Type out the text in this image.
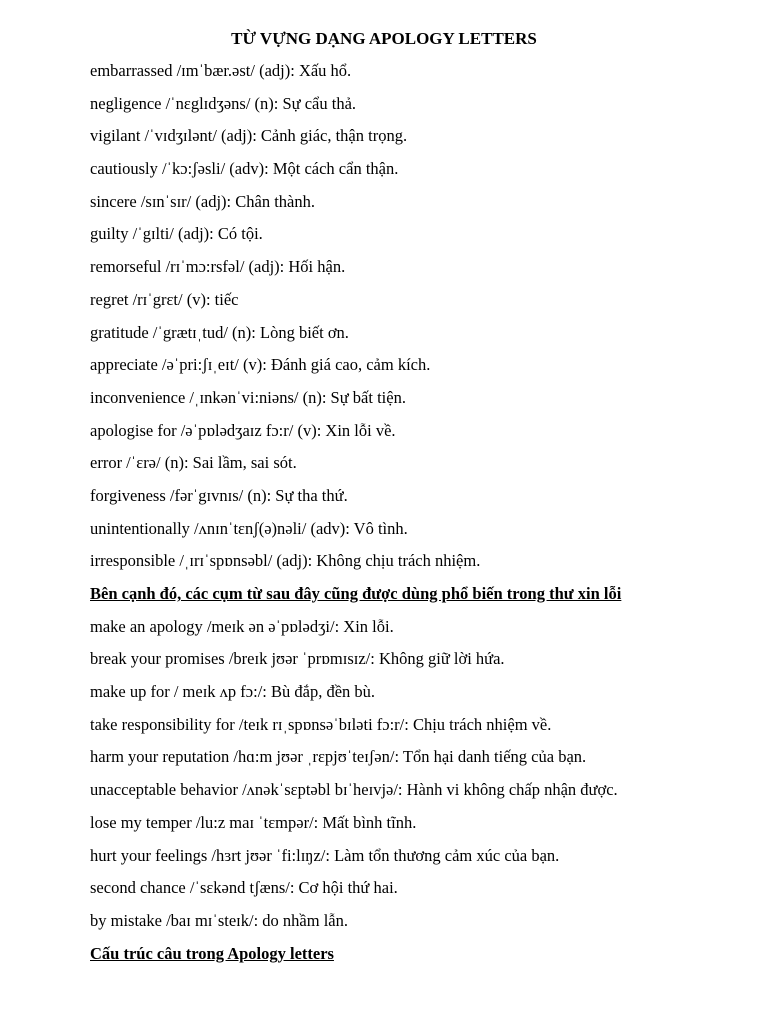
TỪ VỰNG DẠNG APOLOGY LETTERS
embarrassed /ɪmˈbær.əst/ (adj): Xấu hổ.
negligence /ˈnɛglɪdʒəns/ (n): Sự cẩu thả.
vigilant /ˈvɪdʒɪlənt/ (adj): Cảnh giác, thận trọng.
cautiously /ˈkɔ:ʃəsli/ (adv): Một cách cẩn thận.
sincere /sɪnˈsɪr/ (adj): Chân thành.
guilty /ˈgɪlti/ (adj): Có tội.
remorseful /rɪˈmɔ:rsfəl/ (adj): Hối hận.
regret /rɪˈgrɛt/ (v): tiếc
gratitude /ˈgrætɪˌtud/ (n): Lòng biết ơn.
appreciate /əˈpri:ʃɪˌeɪt/ (v): Đánh giá cao, cảm kích.
inconvenience /ˌɪnkənˈvi:niəns/ (n): Sự bất tiện.
apologise for /əˈpɒlədʒaɪz fɔ:r/ (v): Xin lỗi về.
error /ˈɛrə/ (n): Sai lầm, sai sót.
forgiveness /fərˈgɪvnɪs/ (n): Sự tha thứ.
unintentionally /ʌnɪnˈtɛnʃ(ə)nəli/ (adv): Vô tình.
irresponsible /ˌɪrɪˈspɒnsəbl/ (adj): Không chịu trách nhiệm.
Bên cạnh đó, các cụm từ sau đây cũng được dùng phổ biến trong thư xin lỗi
make an apology /meɪk ən əˈpɒlədʒi/: Xin lỗi.
break your promises /breɪk jʊər ˈprɒmɪsɪz/: Không giữ lời hứa.
make up for / meɪk ʌp fɔ:/: Bù đắp, đền bù.
take responsibility for /teɪk rɪˌspɒnsəˈbɪləti fɔ:r/: Chịu trách nhiệm về.
harm your reputation /hɑ:m jʊər ˌrɛpjʊˈteɪʃən/: Tổn hại danh tiếng của bạn.
unacceptable behavior /ʌnəkˈsɛptəbl bɪˈheɪvjə/: Hành vi không chấp nhận được.
lose my temper /lu:z maɪ ˈtɛmpər/: Mất bình tĩnh.
hurt your feelings /hɜrt jʊər ˈfi:lɪŋz/: Làm tổn thương cảm xúc của bạn.
second chance /ˈsɛkənd tʃæns/: Cơ hội thứ hai.
by mistake /baɪ mɪˈsteɪk/: do nhầm lẫn.
Cấu trúc câu trong Apology letters
